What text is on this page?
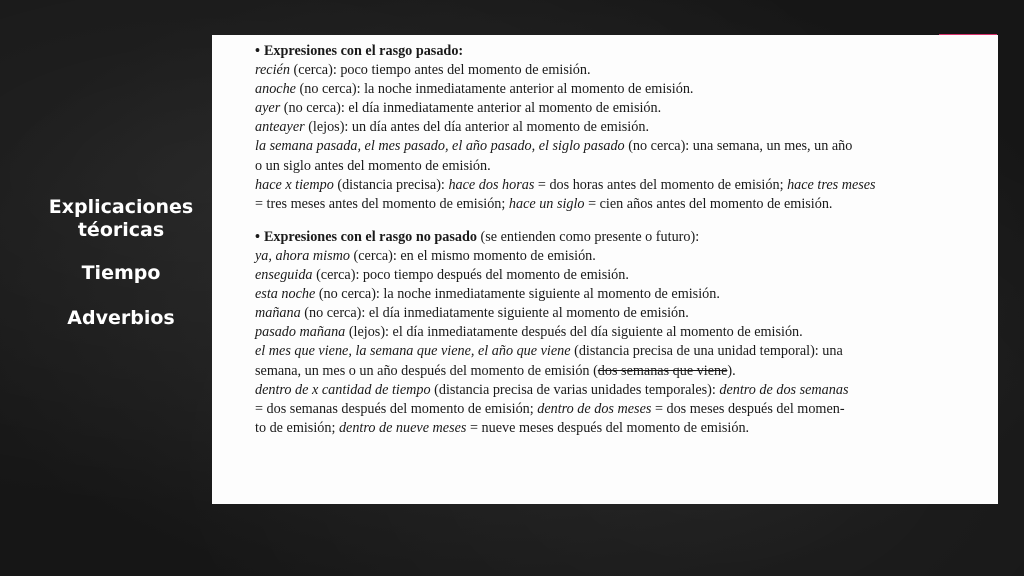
Explicaciones
téoricas
Tiempo
Adverbios

• Expresiones con el rasgo pasado:

recién (cerca): poco tiempo antes del momento de emisión.

anoche (no cerca): la noche inmediatamente anterior al momento de emisión.

ayer (no cerca): el día inmediatamente anterior al momento de emisión.

anteayer (lejos): un día antes del día anterior al momento de emisión.

la semana pasada, el mes pasado, el año pasado, el siglo pasado (no cerca): una semana, un mes, un año

o un siglo antes del momento de emisión.

hace x tiempo (distancia precisa): hace dos horas = dos horas antes del momento de emisión; hace tres meses

= tres meses antes del momento de emisión; hace un siglo = cien años antes del momento de emisión.

• Expresiones con el rasgo no pasado (se entienden como presente o futuro):

ya, ahora mismo (cerca): en el mismo momento de emisión.

enseguida (cerca): poco tiempo después del momento de emisión.

esta noche (no cerca): la noche inmediatamente siguiente al momento de emisión.

mañana (no cerca): el día inmediatamente siguiente al momento de emisión.

pasado mañana (lejos): el día inmediatamente después del día siguiente al momento de emisión.

el mes que viene, la semana que viene, el año que viene (distancia precisa de una unidad temporal): una

semana, un mes o un año después del momento de emisión (dos semanas que viene).

dentro de x cantidad de tiempo (distancia precisa de varias unidades temporales): dentro de dos semanas

= dos semanas después del momento de emisión; dentro de dos meses = dos meses después del momen-

to de emisión; dentro de nueve meses = nueve meses después del momento de emisión.
